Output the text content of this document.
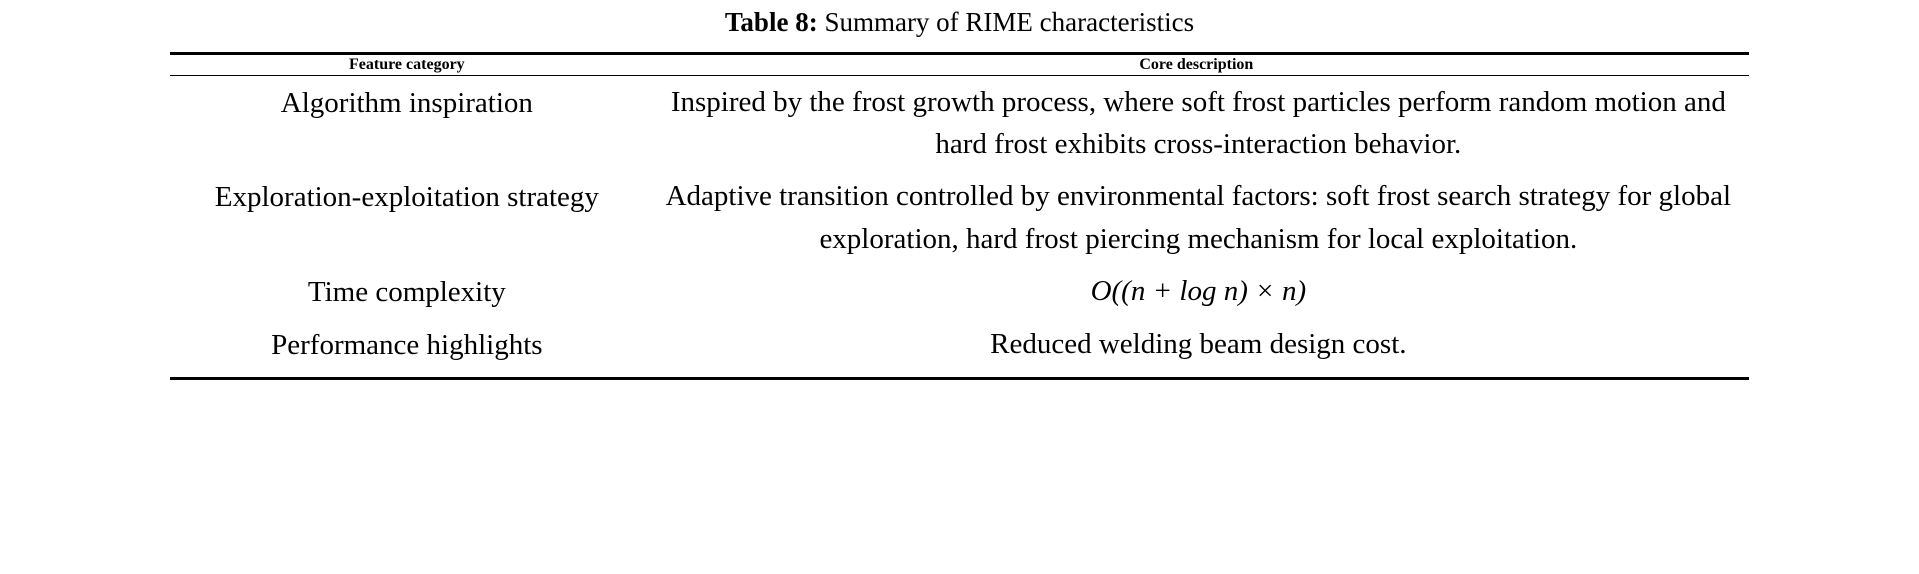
Table 8: Summary of RIME characteristics

Feature category	Core description

Algorithm inspiration	Inspired by the frost growth process, where soft frost particles perform random motion and hard frost exhibits cross-interaction behavior.
Exploration-exploitation strategy	Adaptive transition controlled by environmental factors: soft frost search strategy for global exploration, hard frost piercing mechanism for local exploitation.
Time complexity	O((n + log n) × n)
Performance highlights	Reduced welding beam design cost.
